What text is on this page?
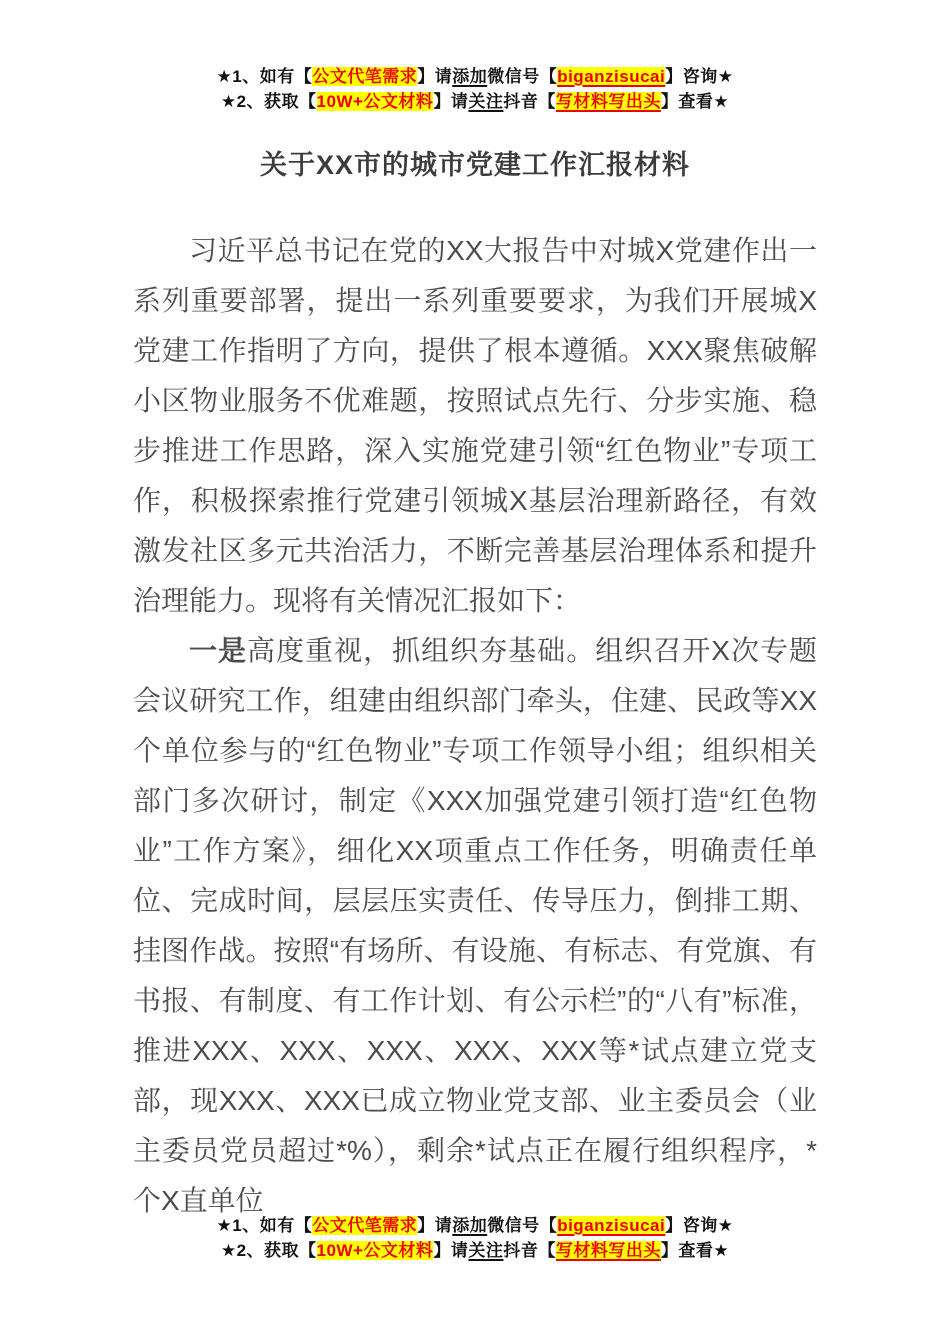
★1、如有【公文代笔需求】请添加微信号【biganzisucai】咨询★
★2、获取【10W+公文材料】请关注抖音【写材料写出头】查看★
关于XX市的城市党建工作汇报材料

习近平总书记在党的XX大报告中对城X党建作出一系列重要部署，提出一系列重要要求，为我们开展城X党建工作指明了方向，提供了根本遵循。XXX聚焦破解小区物业服务不优难题，按照试点先行、分步实施、稳步推进工作思路，深入实施党建引领“红色物业”专项工作，积极探索推行党建引领城X基层治理新路径，有效激发社区多元共治活力，不断完善基层治理体系和提升治理能力。现将有关情况汇报如下：

一是高度重视，抓组织夯基础。组织召开X次专题会议研究工作，组建由组织部门牵头，住建、民政等XX个单位参与的“红色物业”专项工作领导小组；组织相关部门多次研讨，制定《XXX加强党建引领打造“红色物业”工作方案》，细化XX项重点工作任务，明确责任单位、完成时间，层层压实责任、传导压力，倒排工期、挂图作战。按照“有场所、有设施、有标志、有党旗、有书报、有制度、有工作计划、有公示栏”的“八有”标准，推进XXX、XXX、XXX、XXX、XXX等*试点建立党支部，现XXX、XXX已成立物业党支部、业主委员会（业主委员党员超过*%），剩余*试点正在履行组织程序，*个X直单位

★1、如有【公文代笔需求】请添加微信号【biganzisucai】咨询★
★2、获取【10W+公文材料】请关注抖音【写材料写出头】查看★
